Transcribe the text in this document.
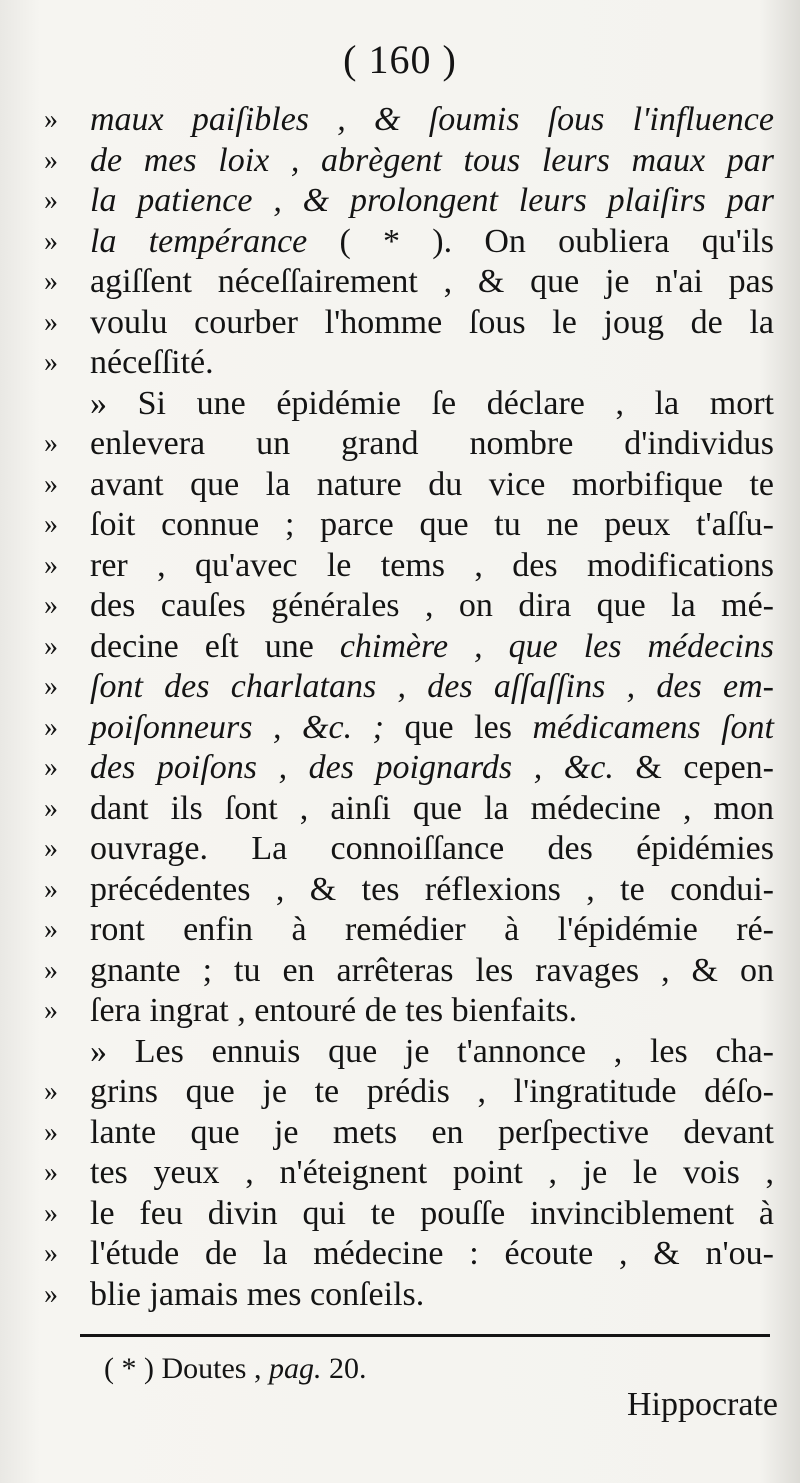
( 160 )
» maux paiſibles , & ſoumis ſous l'influence
» de mes loix , abrègent tous leurs maux par
» la patience , & prolongent leurs plaiſirs par
» la tempérance ( * ). On oubliera qu'ils
» agiſſent néceſſairement , & que je n'ai pas
» voulu courber l'homme ſous le joug de la
» néceſſité.
» Si une épidémie ſe déclare , la mort
» enlevera un grand nombre d'individus
» avant que la nature du vice morbifique te
» ſoit connue ; parce que tu ne peux t'aſſu-
» rer , qu'avec le tems , des modifications
» des cauſes générales , on dira que la mé-
» decine eſt une chimère , que les médecins
» ſont des charlatans , des aſſaſſins , des em-
» poiſonneurs , &c. ; que les médicamens ſont
» des poiſons , des poignards , &c. & cepen-
» dant ils ſont , ainſi que la médecine , mon
» ouvrage. La connoiſſance des épidémies
» précédentes , & tes réflexions , te condui-
» ront enfin à remédier à l'épidémie ré-
» gnante ; tu en arrêteras les ravages , & on
» ſera ingrat , entouré de tes bienfaits.
» Les ennuis que je t'annonce , les cha-
» grins que je te prédis , l'ingratitude déſo-
» lante que je mets en perſpective devant
» tes yeux , n'éteignent point , je le vois ,
» le feu divin qui te pouſſe invinciblement à
» l'étude de la médecine : écoute , & n'ou-
» blie jamais mes conſeils.
( * ) Doutes , pag. 20.
Hippocrate
